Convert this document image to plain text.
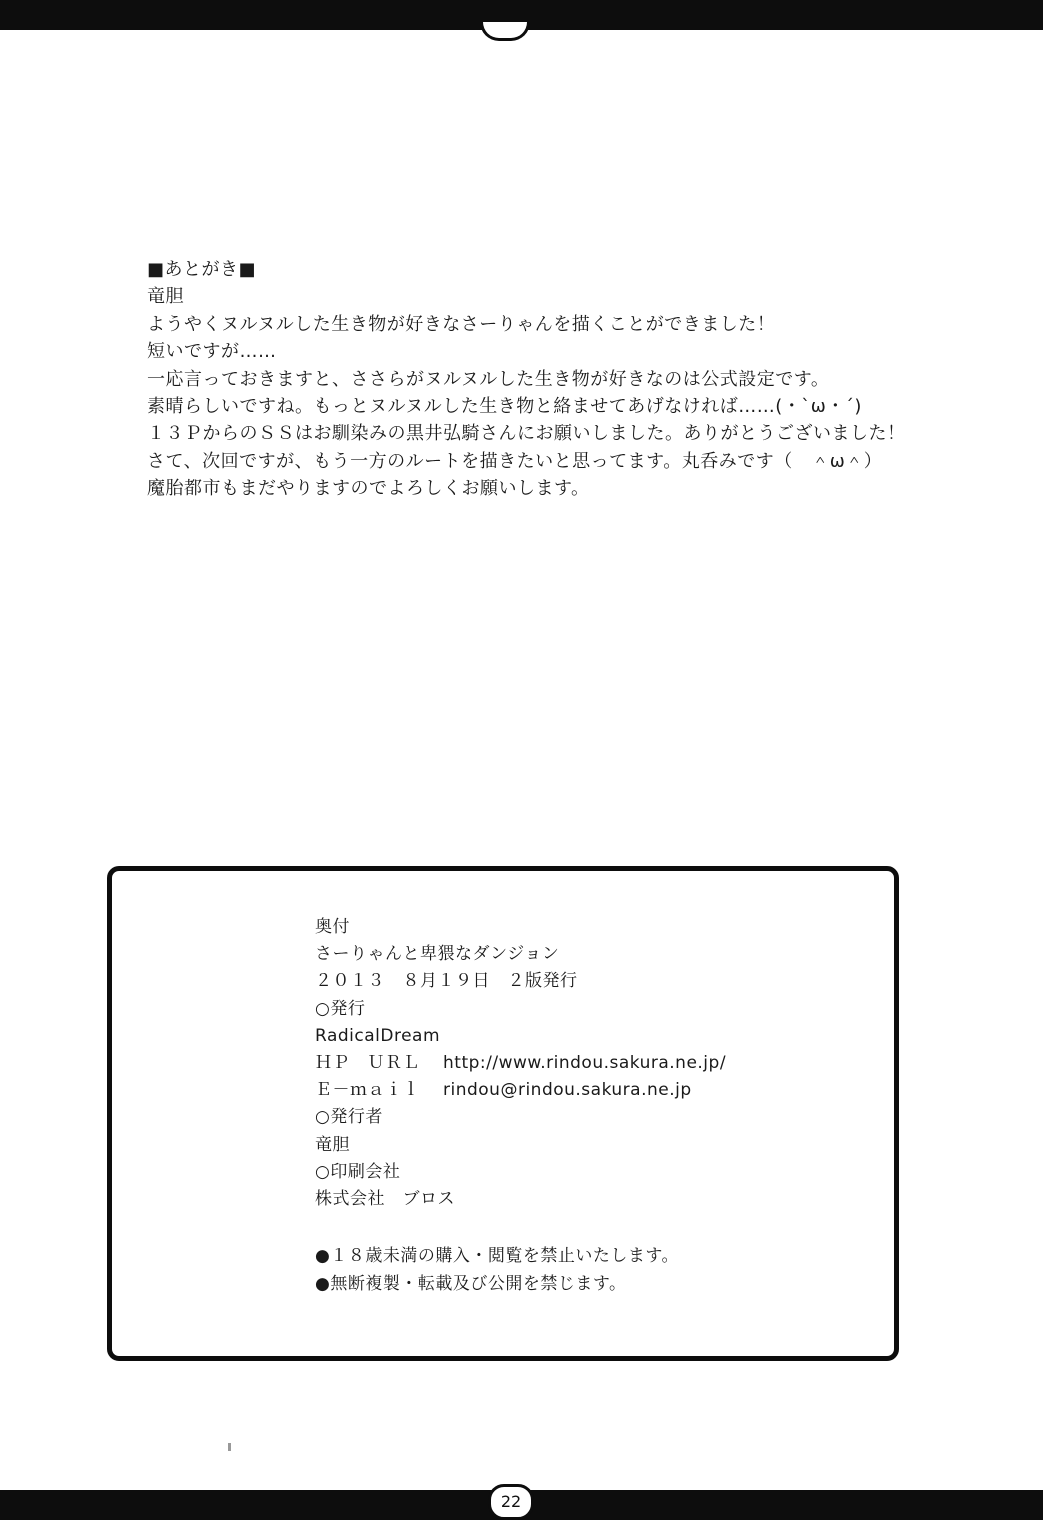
■あとがき■
竜胆
ようやくヌルヌルした生き物が好きなさーりゃんを描くことができました！
短いですが……
一応言っておきますと、ささらがヌルヌルした生き物が好きなのは公式設定です。
素晴らしいですね。もっとヌルヌルした生き物と絡ませてあげなければ……(・`ω・´)
１３ＰからのＳＳはお馴染みの黒井弘騎さんにお願いしました。ありがとうございました！
さて、次回ですが、もう一方のルートを描きたいと思ってます。丸呑みです（　＾ω＾）
魔胎都市もまだやりますのでよろしくお願いします。
奥付
さーりゃんと卑猥なダンジョン
２０１３　８月１９日　２版発行
○発行
RadicalDream
ＨＰ　ＵＲＬ http://www.rindou.sakura.ne.jp/
Ｅ－ｍａｉｌ rindou@rindou.sakura.ne.jp
○発行者
竜胆
○印刷会社
株式会社　ブロス
●１８歳未満の購入・閲覧を禁止いたします。
●無断複製・転載及び公開を禁じます。
22
